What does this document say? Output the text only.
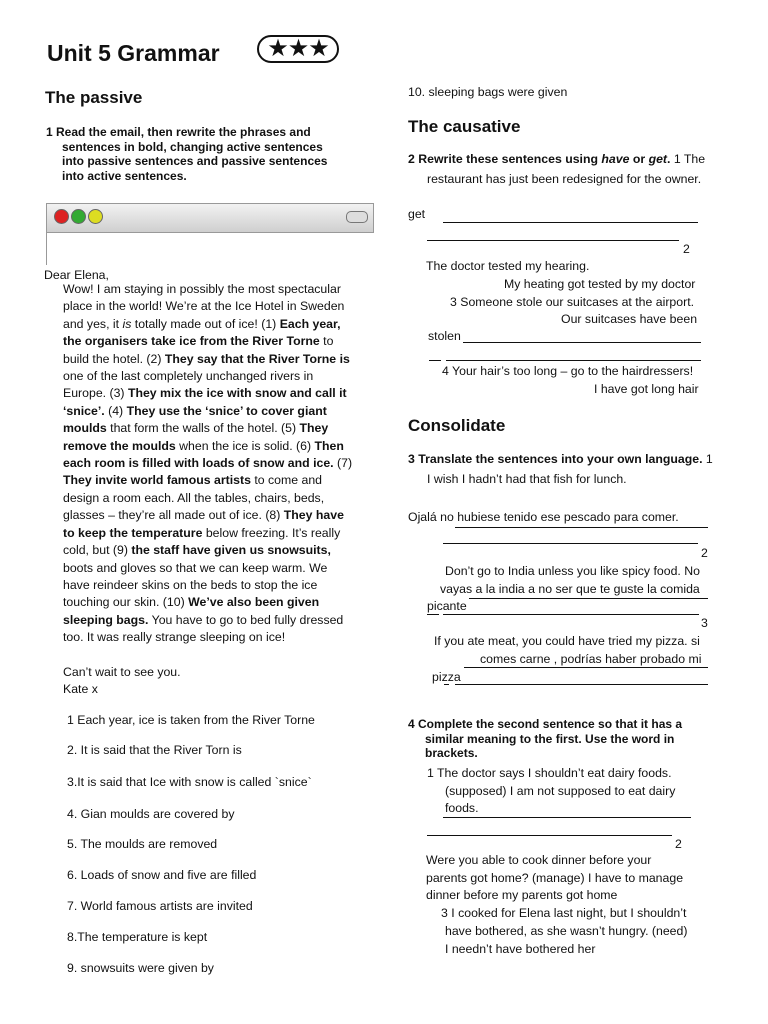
Unit 5 Grammar	★★★
The passive
1 Read the email, then rewrite the phrases and
sentences in bold, changing active sentences
into passive sentences and passive sentences
into active sentences.
Dear Elena,
Wow! I am staying in possibly the most spectacular
place in the world! We’re at the Ice Hotel in Sweden
and yes, it is totally made out of ice! (1) Each year,
the organisers take ice from the River Torne to
build the hotel. (2) They say that the River Torne is
one of the last completely unchanged rivers in
Europe. (3) They mix the ice with snow and call it
‘snice’. (4) They use the ‘snice’ to cover giant
moulds that form the walls of the hotel. (5) They
remove the moulds when the ice is solid. (6) Then
each room is filled with loads of snow and ice. (7)
They invite world famous artists to come and
design a room each. All the tables, chairs, beds,
glasses – they’re all made out of ice. (8) They have
to keep the temperature below freezing. It’s really
cold, but (9) the staff have given us snowsuits,
boots and gloves so that we can keep warm. We
have reindeer skins on the beds to stop the ice
touching our skin. (10) We’ve also been given
sleeping bags. You have to go to bed fully dressed
too. It was really strange sleeping on ice!
Can’t wait to see you.
Kate x
1 Each year, ice is taken from the River Torne
2. It is said that the River Torn is
3.It is said that Ice with snow is called `snice`
4. Gian moulds are covered by
5. The moulds are removed
6. Loads of snow and five are filled
7. World famous artists are invited
8.The temperature is kept
9. snowsuits were given by
10. sleeping bags were given
The causative
2 Rewrite these sentences using have or get. 1 The
restaurant has just been redesigned for the owner.
get
2
The doctor tested my hearing.
My heating got tested by my doctor
3 Someone stole our suitcases at the airport.
Our suitcases have been
stolen
4 Your hair’s too long – go to the hairdressers!
I have got long hair
Consolidate
3 Translate the sentences into your own language. 1
I wish I hadn’t had that fish for lunch.
Ojalá no hubiese tenido ese pescado para comer.
2
Don’t go to India unless you like spicy food. No
vayas a la india a no ser que te guste la comida
picante
3
If you ate meat, you could have tried my pizza. si
comes carne , podrías haber probado mi
pizza
4 Complete the second sentence so that it has a
similar meaning to the first. Use the word in
brackets.
1 The doctor says I shouldn’t eat dairy foods.
(supposed) I am not supposed to eat dairy
foods.
2
Were you able to cook dinner before your
parents got home? (manage) I have to manage
dinner before my parents got home
3 I cooked for Elena last night, but I shouldn’t
have bothered, as she wasn’t hungry. (need)
I needn’t have bothered her
